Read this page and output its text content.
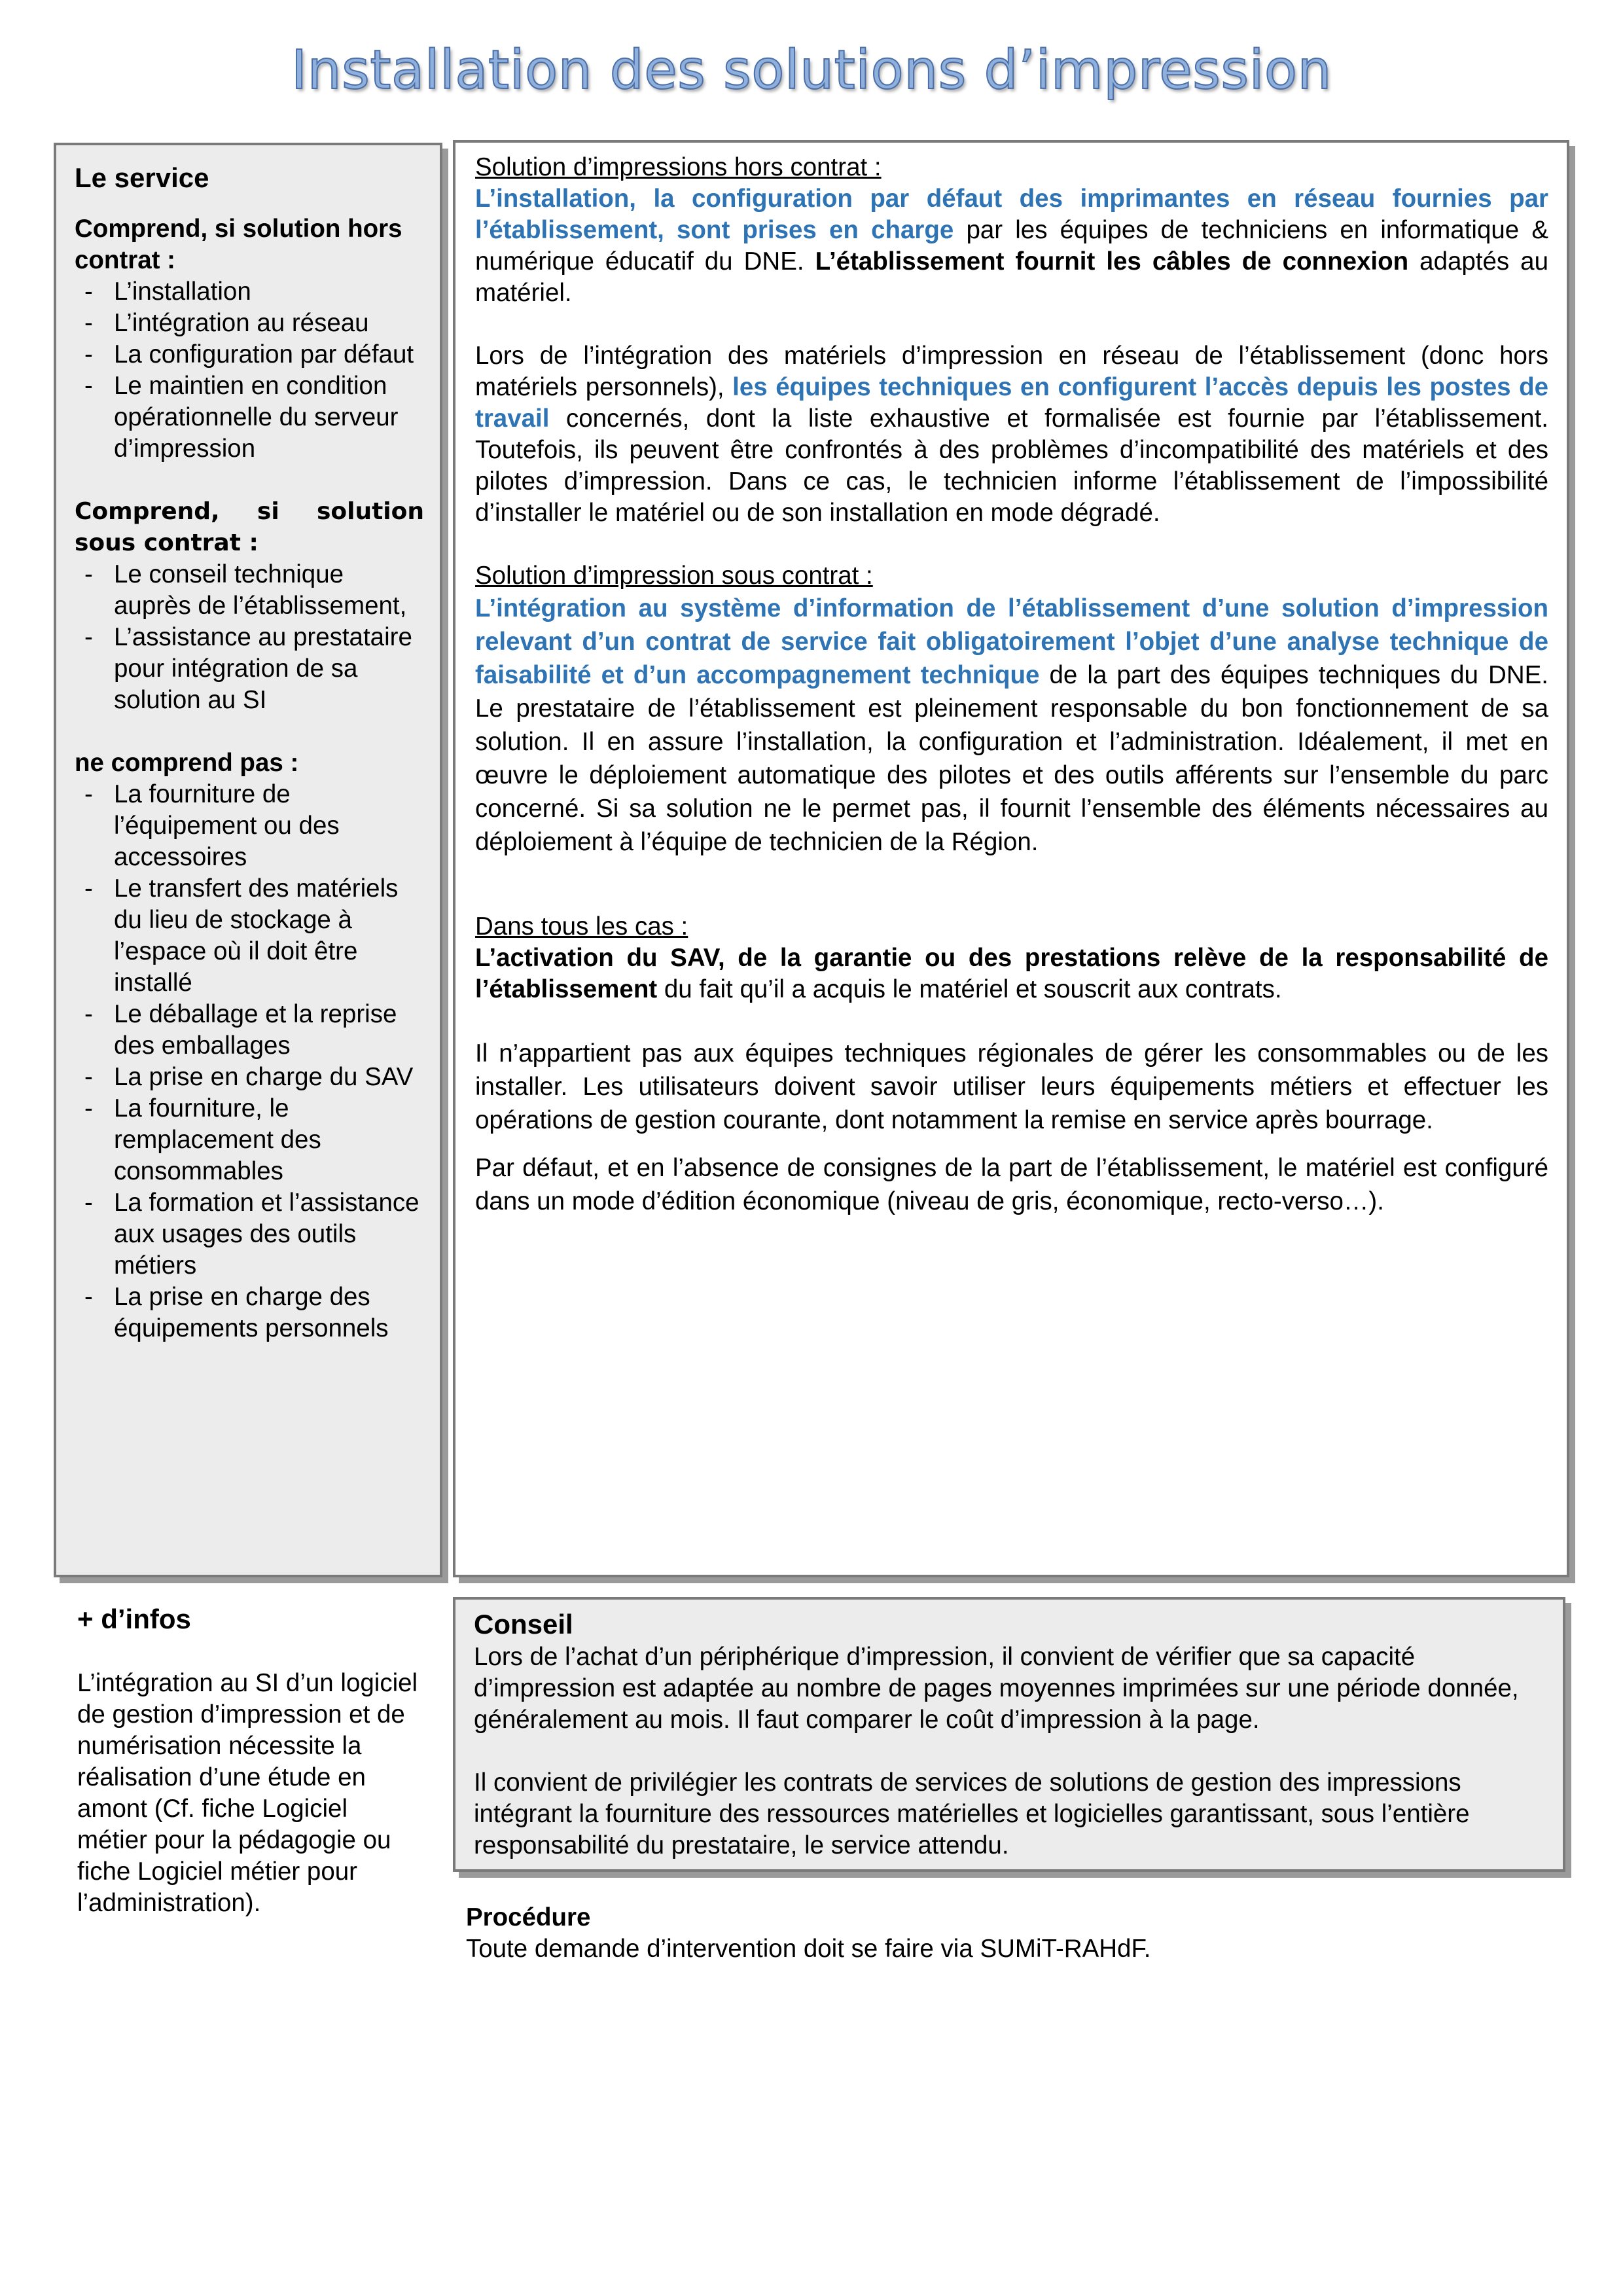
Installation des solutions d’impression
Le service
Comprend, si solution hors contrat :
- L’installation
- L’intégration au réseau
- La configuration par défaut
- Le maintien en condition opérationnelle du serveur d’impression
Comprend, si solution sous contrat :
- Le conseil technique auprès de l’établissement,
- L’assistance au prestataire pour intégration de sa solution au SI
ne comprend pas :
- La fourniture de l’équipement ou des accessoires
- Le transfert des matériels du lieu de stockage à l’espace où il doit être installé
- Le déballage et la reprise des emballages
- La prise en charge du SAV
- La fourniture, le remplacement des consommables
- La formation et l’assistance aux usages des outils métiers
- La prise en charge des équipements personnels
Solution d’impressions hors contrat :

L’installation, la configuration par défaut des imprimantes en réseau fournies par l’établissement, sont prises en charge par les équipes de techniciens en informatique & numérique éducatif du DNE. L’établissement fournit les câbles de connexion adaptés au matériel.

Lors de l’intégration des matériels d’impression en réseau de l’établissement (donc hors matériels personnels), les équipes techniques en configurent l’accès depuis les postes de travail concernés, dont la liste exhaustive et formalisée est fournie par l’établissement. Toutefois, ils peuvent être confrontés à des problèmes d’incompatibilité des matériels et des pilotes d’impression. Dans ce cas, le technicien informe l’établissement de l’impossibilité d’installer le matériel ou de son installation en mode dégradé.

Solution d’impression sous contrat :

L’intégration au système d’information de l’établissement d’une solution d’impression relevant d’un contrat de service fait obligatoirement l’objet d’une analyse technique de faisabilité et d’un accompagnement technique de la part des équipes techniques du DNE. Le prestataire de l’établissement est pleinement responsable du bon fonctionnement de sa solution. Il en assure l’installation, la configuration et l’administration. Idéalement, il met en œuvre le déploiement automatique des pilotes et des outils afférents sur l’ensemble du parc concerné. Si sa solution ne le permet pas, il fournit l’ensemble des éléments nécessaires au déploiement à l’équipe de technicien de la Région.

Dans tous les cas :

L’activation du SAV, de la garantie ou des prestations relève de la responsabilité de l’établissement du fait qu’il a acquis le matériel et souscrit aux contrats.

Il n’appartient pas aux équipes techniques régionales de gérer les consommables ou de les installer. Les utilisateurs doivent savoir utiliser leurs équipements métiers et effectuer les opérations de gestion courante, dont notamment la remise en service après bourrage.

Par défaut, et en l’absence de consignes de la part de l’établissement, le matériel est configuré dans un mode d’édition économique (niveau de gris, économique, recto-verso…).

+ d’infos
L’intégration au SI d’un logiciel de gestion d’impression et de numérisation nécessite la réalisation d’une étude en amont (Cf. fiche Logiciel métier pour la pédagogie ou fiche Logiciel métier pour l’administration).
Conseil
Lors de l’achat d’un périphérique d’impression, il convient de vérifier que sa capacité d’impression est adaptée au nombre de pages moyennes imprimées sur une période donnée, généralement au mois. Il faut comparer le coût d’impression à la page.
Il convient de privilégier les contrats de services de solutions de gestion des impressions intégrant la fourniture des ressources matérielles et logicielles garantissant, sous l’entière responsabilité du prestataire, le service attendu.
Procédure
Toute demande d’intervention doit se faire via SUMiT-RAHdF.
